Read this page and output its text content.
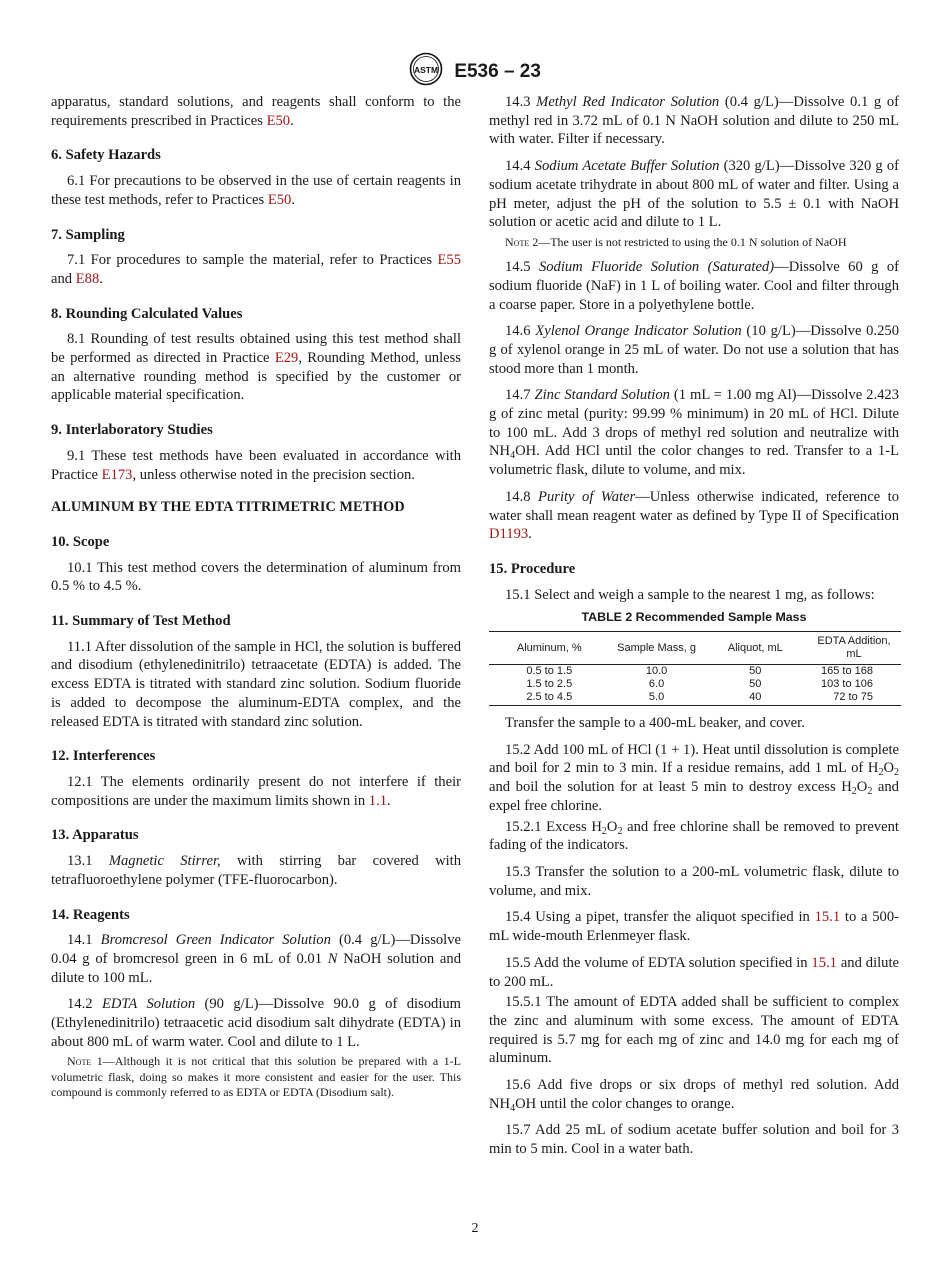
ASTM E536 – 23

apparatus, standard solutions, and reagents shall conform to the requirements prescribed in Practices E50.

6. Safety Hazards

6.1 For precautions to be observed in the use of certain reagents in these test methods, refer to Practices E50.

7. Sampling

7.1 For procedures to sample the material, refer to Practices E55 and E88.

8. Rounding Calculated Values

8.1 Rounding of test results obtained using this test method shall be performed as directed in Practice E29, Rounding Method, unless an alternative rounding method is specified by the customer or applicable material specification.

9. Interlaboratory Studies

9.1 These test methods have been evaluated in accordance with Practice E173, unless otherwise noted in the precision section.

ALUMINUM BY THE EDTA TITRIMETRIC METHOD
10. Scope

10.1 This test method covers the determination of aluminum from 0.5 % to 4.5 %.

11. Summary of Test Method

11.1 After dissolution of the sample in HCl, the solution is buffered and disodium (ethylenedinitrilo) tetraacetate (EDTA) is added. The excess EDTA is titrated with standard zinc solution. Sodium fluoride is added to decompose the aluminum-EDTA complex, and the released EDTA is titrated with standard zinc solution.

12. Interferences

12.1 The elements ordinarily present do not interfere if their compositions are under the maximum limits shown in 1.1.

13. Apparatus

13.1 Magnetic Stirrer, with stirring bar covered with tetrafluoroethylene polymer (TFE-fluorocarbon).

14. Reagents

14.1 Bromcresol Green Indicator Solution (0.4 g/L)—Dissolve 0.04 g of bromcresol green in 6 mL of 0.01 N NaOH solution and dilute to 100 mL.

14.2 EDTA Solution (90 g/L)—Dissolve 90.0 g of disodium (Ethylenedinitrilo) tetraacetic acid disodium salt dihydrate (EDTA) in about 800 mL of warm water. Cool and dilute to 1 L.

Note 1—Although it is not critical that this solution be prepared with a 1-L volumetric flask, doing so makes it more consistent and easier for the user. This compound is commonly referred to as EDTA or EDTA (Disodium salt).

14.3 Methyl Red Indicator Solution (0.4 g/L)—Dissolve 0.1 g of methyl red in 3.72 mL of 0.1 N NaOH solution and dilute to 250 mL with water. Filter if necessary.

14.4 Sodium Acetate Buffer Solution (320 g/L)—Dissolve 320 g of sodium acetate trihydrate in about 800 mL of water and filter. Using a pH meter, adjust the pH of the solution to 5.5 ± 0.1 with NaOH solution or acetic acid and dilute to 1 L.

Note 2—The user is not restricted to using the 0.1 N solution of NaOH

14.5 Sodium Fluoride Solution (Saturated)—Dissolve 60 g of sodium fluoride (NaF) in 1 L of boiling water. Cool and filter through a coarse paper. Store in a polyethylene bottle.

14.6 Xylenol Orange Indicator Solution (10 g/L)—Dissolve 0.250 g of xylenol orange in 25 mL of water. Do not use a solution that has stood more than 1 month.

14.7 Zinc Standard Solution (1 mL = 1.00 mg Al)—Dissolve 2.423 g of zinc metal (purity: 99.99 % minimum) in 20 mL of HCl. Dilute to 100 mL. Add 3 drops of methyl red solution and neutralize with $NH_4OH$. Add HCl until the color changes to red. Transfer to a 1-L volumetric flask, dilute to volume, and mix.

14.8 Purity of Water—Unless otherwise indicated, reference to water shall mean reagent water as defined by Type II of Specification D1193.

15. Procedure

15.1 Select and weigh a sample to the nearest 1 mg, as follows:

TABLE 2 Recommended Sample Mass
Aluminum, %	Sample Mass, g	Aliquot, mL	EDTA Addition, mL
0.5 to 1.5	10.0	50	165 to 168
1.5 to 2.5	6.0	50	103 to 106
2.5 to 4.5	5.0	40	72 to 75

Transfer the sample to a 400-mL beaker, and cover.

15.2 Add 100 mL of HCl (1 + 1). Heat until dissolution is complete and boil for 2 min to 3 min. If a residue remains, add 1 mL of $H_2O_2$ and boil the solution for at least 5 min to destroy excess $H_2O_2$ and expel free chlorine.

15.2.1 Excess $H_2O_2$ and free chlorine shall be removed to prevent fading of the indicators.

15.3 Transfer the solution to a 200-mL volumetric flask, dilute to volume, and mix.

15.4 Using a pipet, transfer the aliquot specified in 15.1 to a 500-mL wide-mouth Erlenmeyer flask.

15.5 Add the volume of EDTA solution specified in 15.1 and dilute to 200 mL.

15.5.1 The amount of EDTA added shall be sufficient to complex the zinc and aluminum with some excess. The amount of EDTA required is 5.7 mg for each mg of zinc and 14.0 mg for each mg of aluminum.

15.6 Add five drops or six drops of methyl red solution. Add $NH_4OH$ until the color changes to orange.

15.7 Add 25 mL of sodium acetate buffer solution and boil for 3 min to 5 min. Cool in a water bath.

2
